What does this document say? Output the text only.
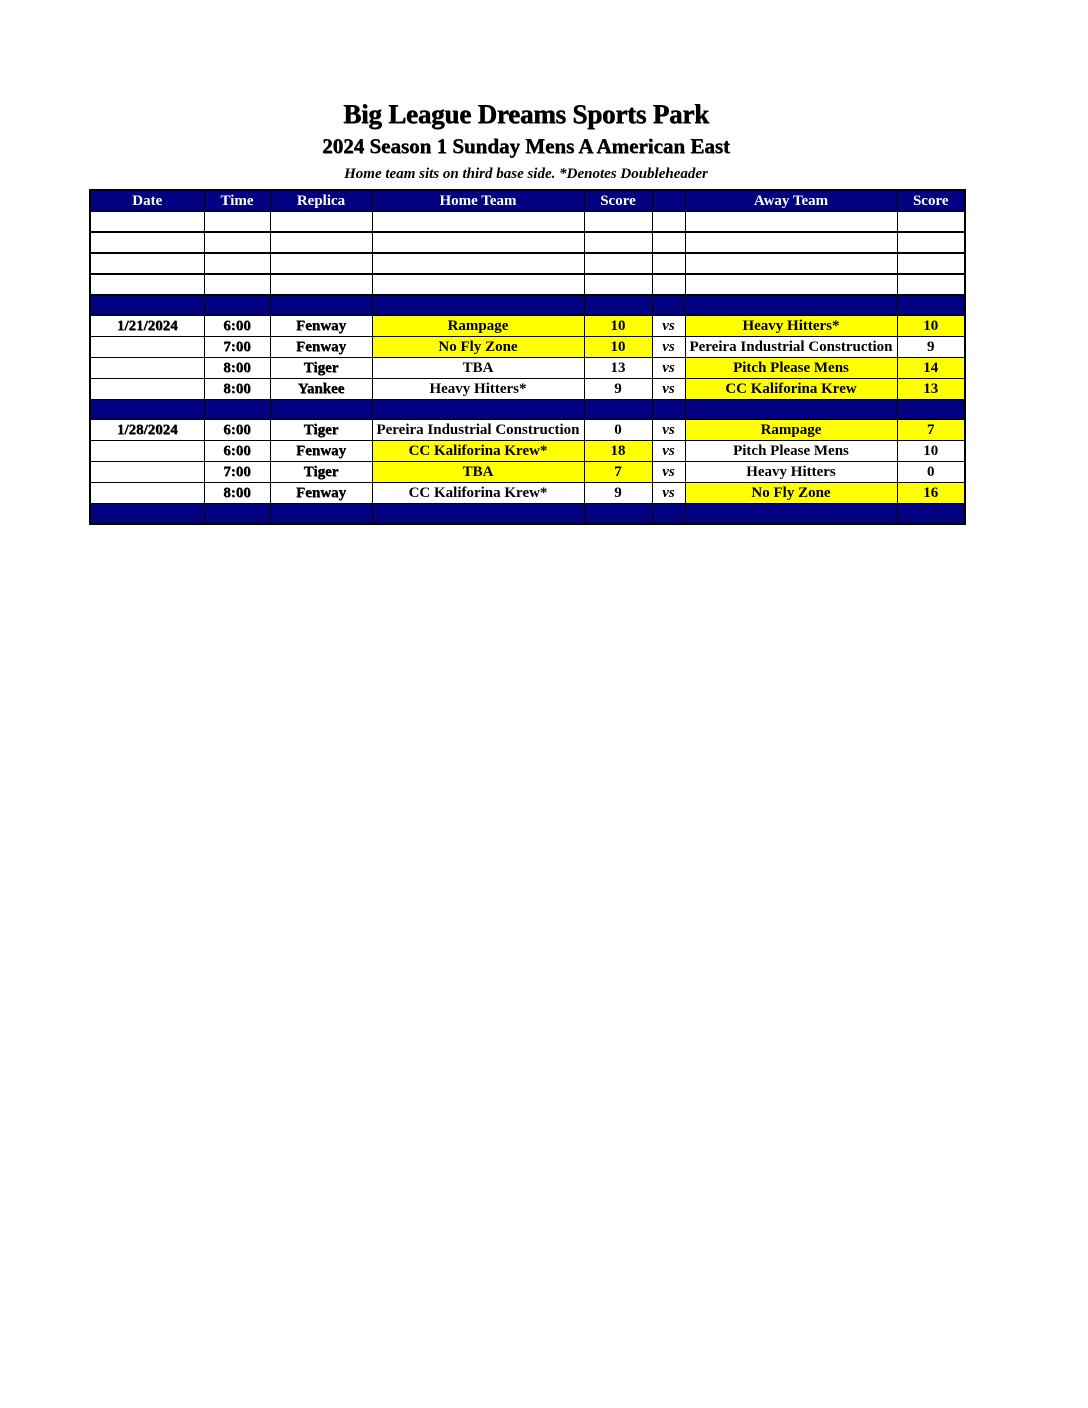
Big League Dreams Sports Park
2024 Season 1 Sunday Mens A American East
Home team sits on third base side. *Denotes Doubleheader
Date	Time	Replica	Home Team	Score		Away Team	Score

1/21/2024	6:00	Fenway	Rampage	10	vs	Heavy Hitters*	10
	7:00	Fenway	No Fly Zone	10	vs	Pereira Industrial Construction	9
	8:00	Tiger	TBA	13	vs	Pitch Please Mens	14
	8:00	Yankee	Heavy Hitters*	9	vs	CC Kaliforina Krew	13

1/28/2024	6:00	Tiger	Pereira Industrial Construction	0	vs	Rampage	7
	6:00	Fenway	CC Kaliforina Krew*	18	vs	Pitch Please Mens	10
	7:00	Tiger	TBA	7	vs	Heavy Hitters	0
	8:00	Fenway	CC Kaliforina Krew*	9	vs	No Fly Zone	16
